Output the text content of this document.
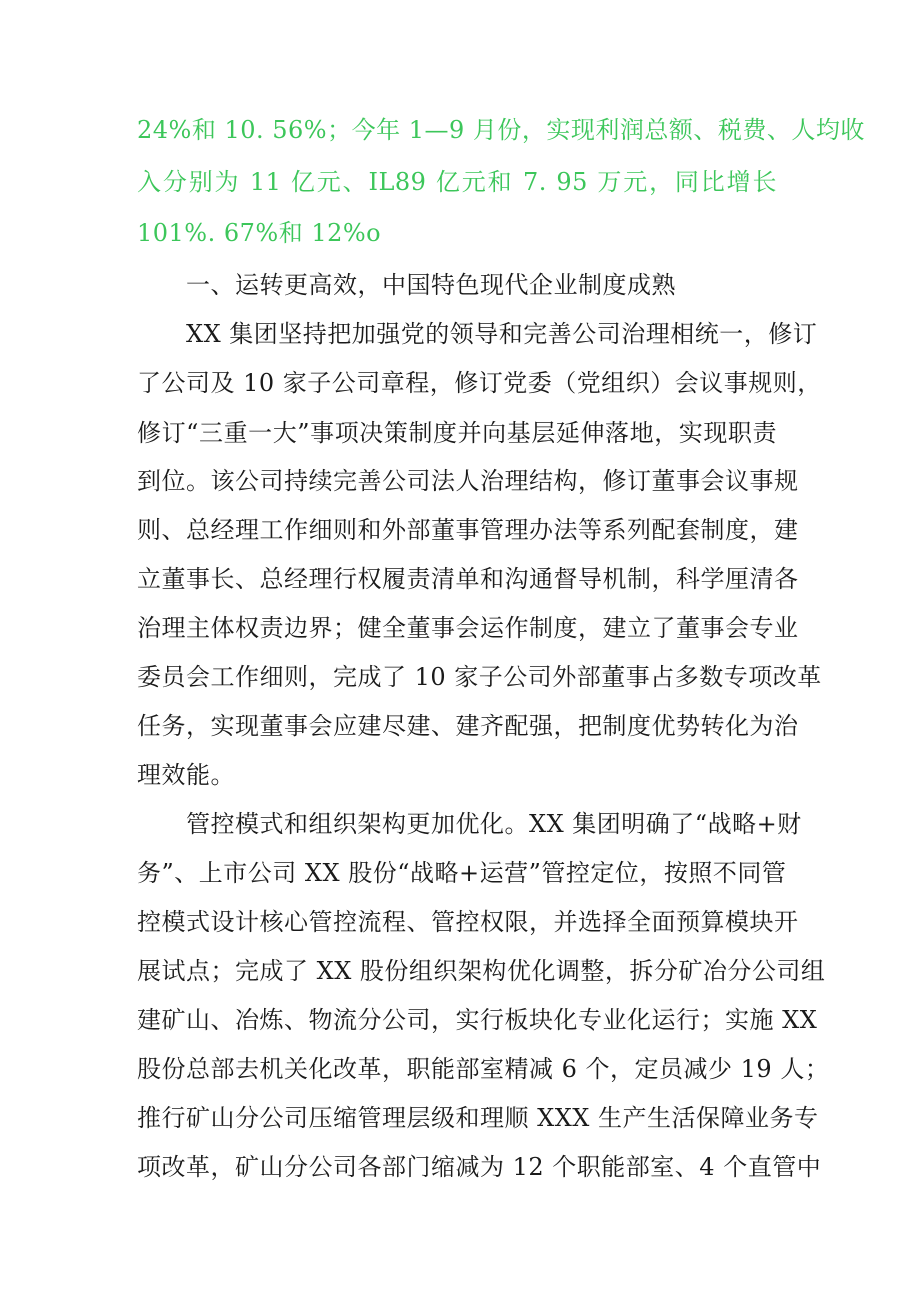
24%和 10. 56%；今年 1—9 月份，实现利润总额、税费、人均收
入分别为 11 亿元、IL89 亿元和 7. 95 万元，同比增长
101%. 67%和 12%o
一、运转更高效，中国特色现代企业制度成熟
XX 集团坚持把加强党的领导和完善公司治理相统一，修订
了公司及 10 家子公司章程，修订党委（党组织）会议事规则，
修订“三重一大”事项决策制度并向基层延伸落地，实现职责
到位。该公司持续完善公司法人治理结构，修订董事会议事规
则、总经理工作细则和外部董事管理办法等系列配套制度，建
立董事长、总经理行权履责清单和沟通督导机制，科学厘清各
治理主体权责边界；健全董事会运作制度，建立了董事会专业
委员会工作细则，完成了 10 家子公司外部董事占多数专项改革
任务，实现董事会应建尽建、建齐配强，把制度优势转化为治
理效能。
管控模式和组织架构更加优化。XX 集团明确了“战略+财
务”、上市公司 XX 股份“战略+运营”管控定位，按照不同管
控模式设计核心管控流程、管控权限，并选择全面预算模块开
展试点；完成了 XX 股份组织架构优化调整，拆分矿冶分公司组
建矿山、冶炼、物流分公司，实行板块化专业化运行；实施 XX
股份总部去机关化改革，职能部室精减 6 个，定员减少 19 人；
推行矿山分公司压缩管理层级和理顺 XXX 生产生活保障业务专
项改革，矿山分公司各部门缩减为 12 个职能部室、4 个直管中
